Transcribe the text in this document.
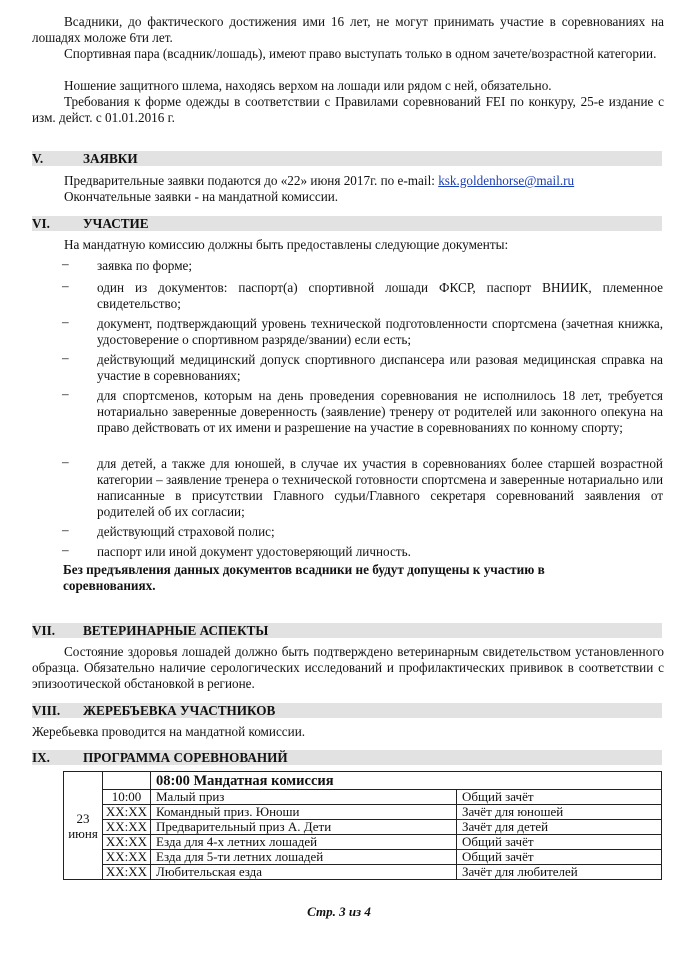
Всадники, до фактического достижения ими 16 лет, не могут принимать участие в соревнованиях на лошадях моложе 6ти лет.
Спортивная пара (всадник/лошадь), имеют право выступать только в одном зачете/возрастной категории.
Ношение защитного шлема, находясь верхом на лошади или рядом с ней, обязательно.
Требования к форме одежды в соответствии с Правилами соревнований FEI по конкуру, 25-е издание с изм. дейст. с 01.01.2016 г.
V.	ЗАЯВКИ
Предварительные заявки подаются до «22» июня 2017г. по e-mail: ksk.goldenhorse@mail.ru
Окончательные заявки - на мандатной комиссии.
VI.	УЧАСТИЕ
На мандатную комиссию должны быть предоставлены следующие документы:
–	заявка по форме;
–	один из документов: паспорт(а) спортивной лошади ФКСР, паспорт ВНИИК, племенное свидетельство;
–	документ, подтверждающий уровень технической подготовленности спортсмена (зачетная книжка, удостоверение о спортивном разряде/звании) если есть;
–	действующий медицинский допуск спортивного диспансера или разовая медицинская справка на участие в соревнованиях;
–	для спортсменов, которым на день проведения соревнования не исполнилось 18 лет, требуется нотариально заверенные доверенность (заявление) тренеру от родителей или законного опекуна на право действовать от их имени и разрешение на участие в соревнованиях по конному спорту;
–	для детей, а также для юношей, в случае их участия в соревнованиях более старшей возрастной категории – заявление тренера о технической готовности спортсмена и заверенные нотариально или написанные в присутствии Главного судьи/Главного секретаря соревнований заявления от родителей об их согласии;
–	действующий страховой полис;
–	паспорт или иной документ удостоверяющий личность.
Без предъявления данных документов всадники не будут допущены к участию в соревнованиях.
VII. ВЕТЕРИНАРНЫЕ АСПЕКТЫ
Состояние здоровья лошадей должно быть подтверждено ветеринарным свидетельством установленного образца. Обязательно наличие серологических исследований и профилактических прививок в соответствии с эпизоотической обстановкой в регионе.
VIII. ЖЕРЕБЪЕВКА УЧАСТНИКОВ
Жеребьевка проводится на мандатной комиссии.
IX.	ПРОГРАММА СОРЕВНОВАНИЙ
23
июня		08:00 Мандатная комиссия	
	10:00	Малый приз	Общий зачёт
	ХХ:ХХ	Командный приз. Юноши	Зачёт для юношей
	ХХ:ХХ	Предварительный приз А. Дети	Зачёт для детей
	ХХ:ХХ	Езда для 4-х летних лошадей	Общий зачёт
	ХХ:ХХ	Езда для 5-ти летних лошадей	Общий зачёт
	ХХ:ХХ	Любительская езда	Зачёт для любителей
Стр. 3 из 4
